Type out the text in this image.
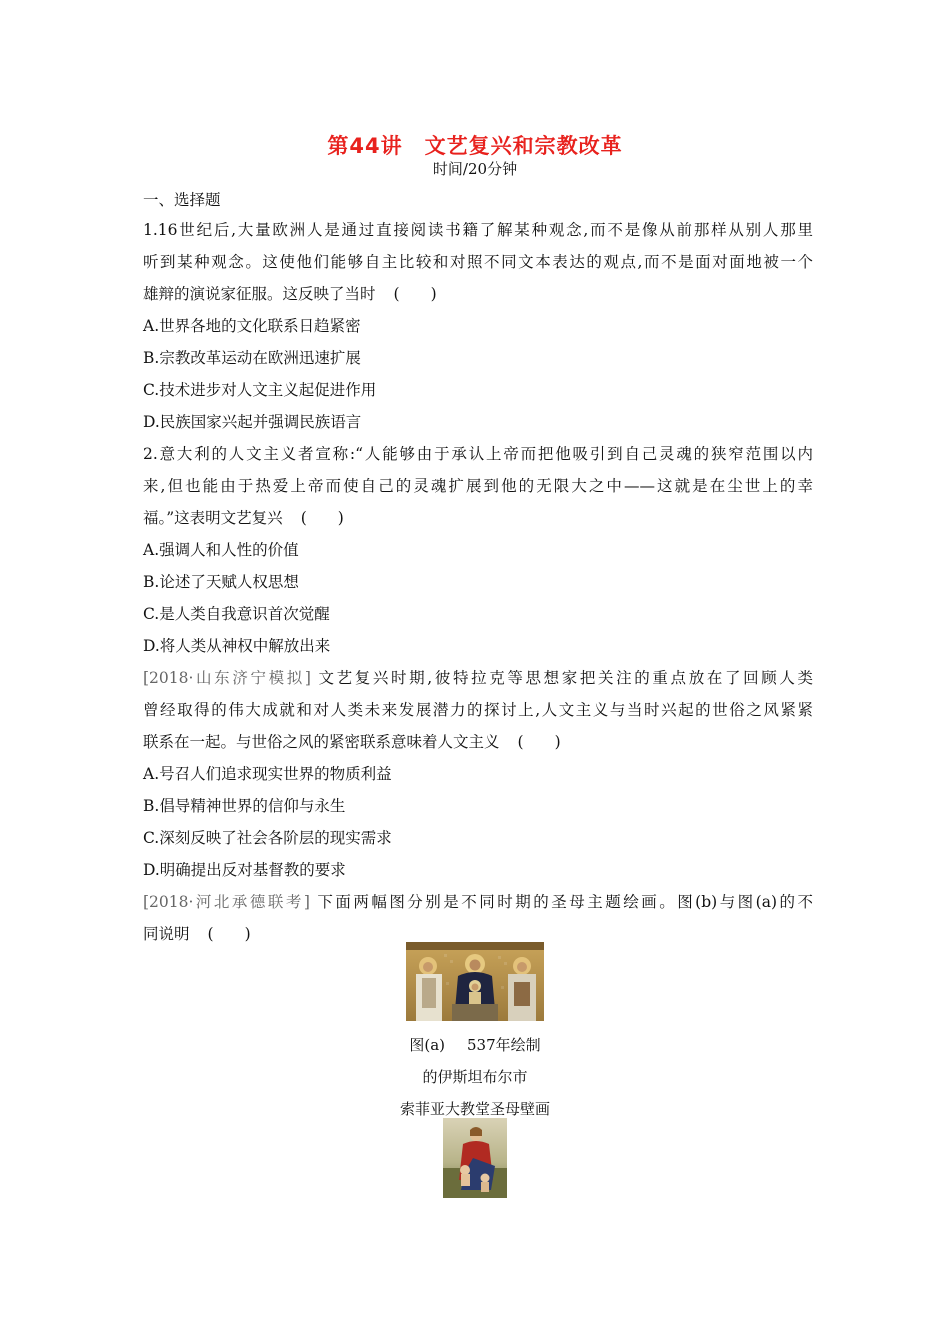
第44讲 文艺复兴和宗教改革
时间/20分钟
一、选择题
1.16世纪后,大量欧洲人是通过直接阅读书籍了解某种观念,而不是像从前那样从别人那里
听到某种观念。这使他们能够自主比较和对照不同文本表达的观点,而不是面对面地被一个
雄辩的演说家征服。这反映了当时 (　　)
A.世界各地的文化联系日趋紧密
B.宗教改革运动在欧洲迅速扩展
C.技术进步对人文主义起促进作用
D.民族国家兴起并强调民族语言
2.意大利的人文主义者宣称:“人能够由于承认上帝而把他吸引到自己灵魂的狭窄范围以内
来,但也能由于热爱上帝而使自己的灵魂扩展到他的无限大之中——这就是在尘世上的幸
福。”这表明文艺复兴 (　　)
A.强调人和人性的价值
B.论述了天赋人权思想
C.是人类自我意识首次觉醒
D.将人类从神权中解放出来
[2018·山东济宁模拟] 文艺复兴时期,彼特拉克等思想家把关注的重点放在了回顾人类
曾经取得的伟大成就和对人类未来发展潜力的探讨上,人文主义与当时兴起的世俗之风紧紧
联系在一起。与世俗之风的紧密联系意味着人文主义 (　　)
A.号召人们追求现实世界的物质利益
B.倡导精神世界的信仰与永生
C.深刻反映了社会各阶层的现实需求
D.明确提出反对基督教的要求
[2018·河北承德联考] 下面两幅图分别是不同时期的圣母主题绘画。图(b)与图(a)的不
同说明 (　　)
图(a) 537年绘制
的伊斯坦布尔市
索菲亚大教堂圣母壁画
